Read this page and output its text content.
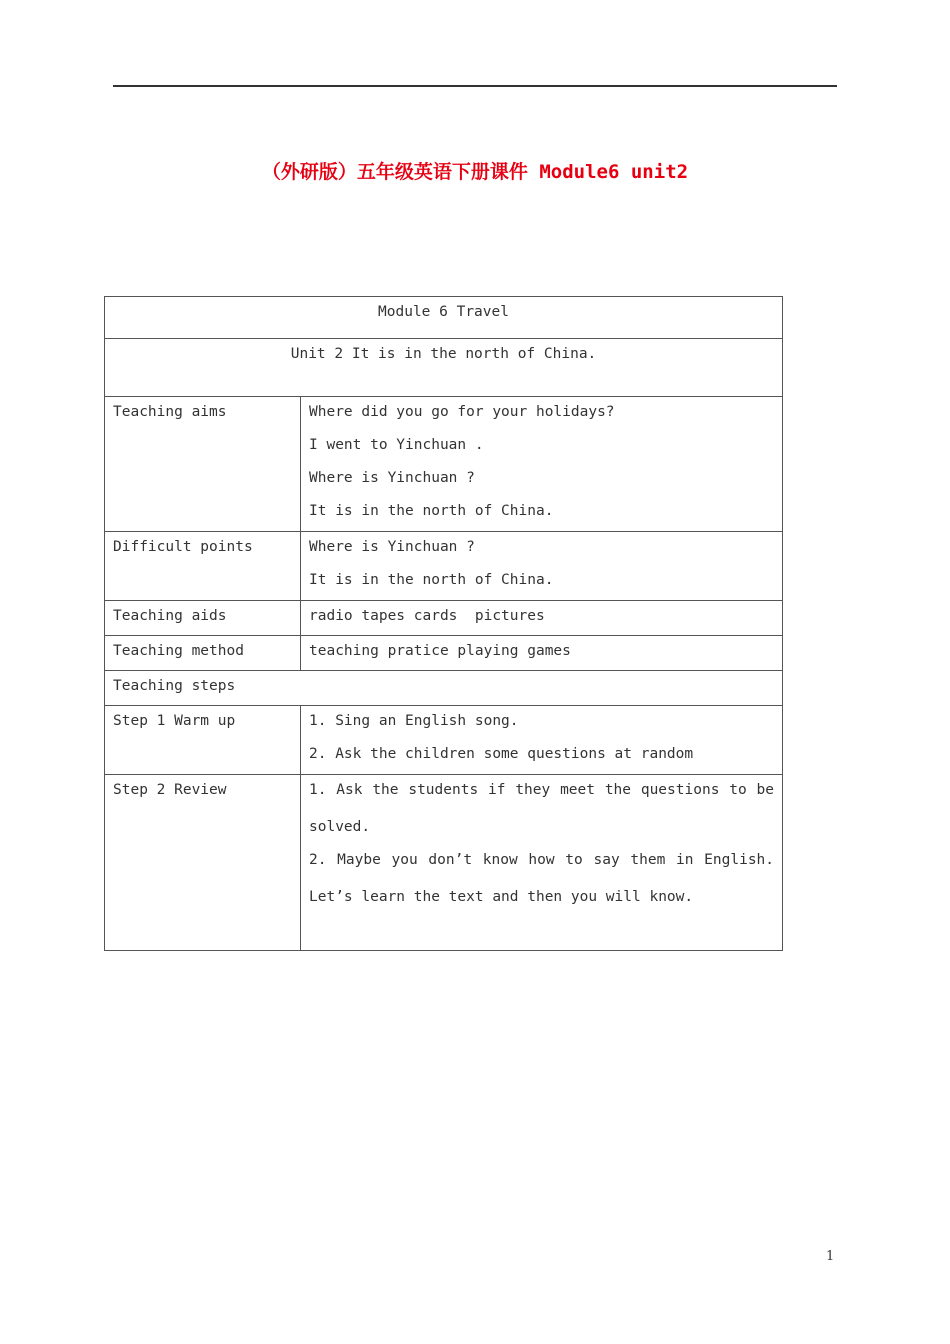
（外研版）五年级英语下册课件 Module6 unit2
Module 6 Travel	

Unit 2 It is in the north of China.	

Teaching aims	Where did you go for your holidays?

I went to Yinchuan .

Where is Yinchuan ?

It is in the north of China.

Difficult points	Where is Yinchuan ?

It is in the north of China.

Teaching aids	radio tapes cards  pictures

Teaching method	teaching pratice playing games

Teaching steps	

Step 1 Warm up	1. Sing an English song.

2. Ask the children some questions at random

Step 2 Review	1. Ask the students if they meet the questions to be solved.

2. Maybe you don’t know how to say them in English. Let’s learn the text and then you will know.

1
